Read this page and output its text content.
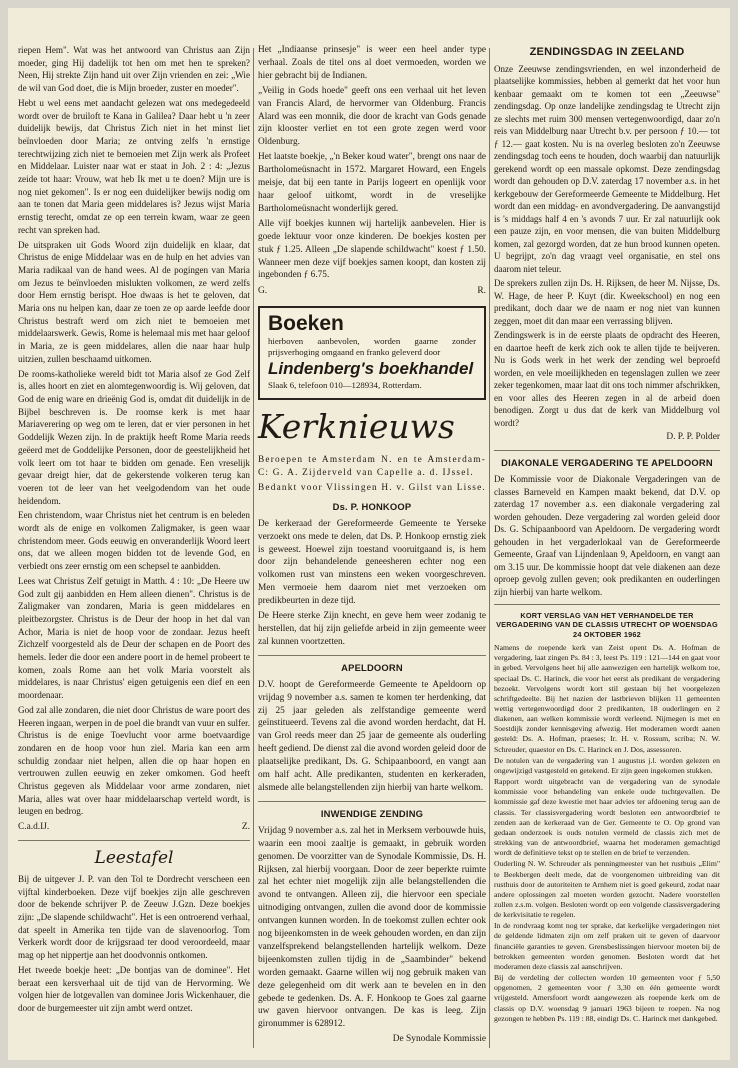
riepen Hem". Wat was het antwoord van Christus aan Zijn moeder, ging Hij dadelijk tot hen om met hen te spreken? Neen, Hij strekte Zijn hand uit over Zijn vrienden en zei: „Wie de wil van God doet, die is Mijn broeder, zuster en moeder".

Hebt u wel eens met aandacht gelezen wat ons medegedeeld wordt over de bruiloft te Kana in Galilea? Daar hebt u 'n zeer duidelijk bewijs, dat Christus Zich niet in het minst liet beïnvloeden door Maria; ze ontving zelfs 'n ernstige terechtwijzing zich niet te bemoeien met Zijn werk als Profeet en Middelaar. Luister naar wat er staat in Joh. 2 : 4: „Jezus zeide tot haar: Vrouw, wat heb Ik met u te doen? Mijn ure is nog niet gekomen". Is er nog een duidelijker bewijs nodig om aan te tonen dat Maria geen middelares is? Jezus wijst Maria ernstig terecht, omdat ze op een terrein kwam, waar ze geen recht van spreken had.

De uitspraken uit Gods Woord zijn duidelijk en klaar, dat Christus de enige Middelaar was en de hulp en het advies van Maria radikaal van de hand wees. Al de pogingen van Maria om Jezus te beïnvloeden mislukten volkomen, ze werd zelfs door Hem ernstig berispt. Hoe dwaas is het te geloven, dat Maria ons nu helpen kan, daar ze toen ze op aarde leefde door Christus bestraft werd om zich niet te bemoeien met middelaarswerk. Gewis, Rome is helemaal mis met haar geloof in Maria, ze is geen middelares, allen die naar haar hulp uitzien, zullen beschaamd uitkomen.

De rooms-katholieke wereld bidt tot Maria alsof ze God Zelf is, alles hoort en ziet en alomtegenwoordig is. Wij geloven, dat God de enig ware en drieënig God is, omdat dit duidelijk in de Bijbel beschreven is. De roomse kerk is met haar Mariaverering op weg om te leren, dat er vier personen in het Goddelijk Wezen zijn. In de praktijk heeft Rome Maria reeds geëerd met de Goddelijke Personen, door de geestelijkheid het volk leert om tot haar te bidden om genade. Een vreselijk gevaar dreigt hier, dat de gekerstende volkeren terug kan voeren tot de leer van het veelgodendom van het oude heidendom.

Een christendom, waar Christus niet het centrum is en beleden wordt als de enige en volkomen Zaligmaker, is geen waar christendom meer. Gods eeuwig en onveranderlijk Woord leert ons, dat we alleen mogen bidden tot de levende God, en verbiedt ons zeer ernstig om een schepsel te aanbidden.

Lees wat Christus Zelf getuigt in Matth. 4 : 10: „De Heere uw God zult gij aanbidden en Hem alleen dienen". Christus is de Zaligmaker van zondaren, Maria is geen middelares en pleitbezorgster. Christus is de Deur der hoop in het dal van Achor, Maria is niet de hoop voor de zondaar. Jezus heeft Zichzelf voorgesteld als de Deur der schapen en de Poort des hemels. Ieder die door een andere poort in de hemel probeert te komen, zoals Rome aan het volk Maria voorstelt als middelares, is naar Christus' eigen getuigenis een dief en een moordenaar.

God zal alle zondaren, die niet door Christus de ware poort des Heeren ingaan, werpen in de poel die brandt van vuur en sulfer. Christus is de enige Toevlucht voor arme boetvaardige zondaren en de hoop voor hun ziel. Maria kan een arm schuldig zondaar niet helpen, allen die op haar hopen en vertrouwen zullen eeuwig en zeker omkomen. God heeft Christus gegeven als Middelaar voor arme zondaren, niet Maria, alles wat over haar middelaarschap verteld wordt, is leugen en bedrog.

C.a.d.IJ.	Z.
Leestafel

Bij de uitgever J. P. van den Tol te Dordrecht verscheen een vijftal kinderboeken. Deze vijf boekjes zijn alle geschreven door de bekende schrijver P. de Zeeuw J.Gzn. Deze boekjes zijn: „De slapende schildwacht". Het is een ontroerend verhaal, dat speelt in Amerika ten tijde van de slavenoorlog. Tom Verkerk wordt door de krijgsraad ter dood veroordeeld, maar mag op het nippertje aan het doodvonnis ontkomen.

Het tweede boekje heet: „De bontjas van de dominee". Het beraat een kersverhaal uit de tijd van de Hervorming. We volgen hier de lotgevallen van dominee Joris Wickenhauer, die door de burgemeester uit zijn ambt werd ontzet.

Het „Indiaanse prinsesje" is weer een heel ander type verhaal. Zoals de titel ons al doet vermoeden, worden we hier gebracht bij de Indianen.

„Veilig in Gods hoede" geeft ons een verhaal uit het leven van Francis Alard, de hervormer van Oldenburg. Francis Alard was een monnik, die door de kracht van Gods genade zijn klooster verliet en tot een grote zegen werd voor Oldenburg.

Het laatste boekje, „'n Beker koud water", brengt ons naar de Bartholomeüsnacht in 1572. Margaret Howard, een Engels meisje, dat bij een tante in Parijs logeert en openlijk voor haar geloof uitkomt, wordt in de vreselijke Bartholomeüsnacht wonderlijk gered.

Alle vijf boekjes kunnen wij hartelijk aanbevelen. Hier is goede lektuur voor onze kinderen. De boekjes kosten per stuk ƒ 1.25. Alleen „De slapende schildwacht" koest ƒ 1.50. Wanneer men deze vijf boekjes samen koopt, dan kosten zij ingebonden ƒ 6.75.

G.	R.
Boeken
hierboven aanbevolen, worden gaarne zonder prijsverhoging omgaand en franko geleverd door
Lindenberg's boekhandel
Slaak 6, telefoon 010—128934, Rotterdam.
Kerknieuws

Beroepen te Amsterdam N. en te Amsterdam-C: G. A. Zijderveld van Capelle a. d. IJssel.

Bedankt voor Vlissingen H. v. Gilst van Lisse.

Ds. P. HONKOOP

De kerkeraad der Gereformeerde Gemeente te Yerseke verzoekt ons mede te delen, dat Ds. P. Honkoop ernstig ziek is geweest. Hoewel zijn toestand vooruitgaand is, is hem door zijn behandelende geneesheren echter nog een volkomen rust van minstens een weken voorgeschreven. Men vermoeie hem daarom niet met verzoeken om predikbeurten in deze tijd.

De Heere sterke Zijn knecht, en geve hem weer zodanig te herstellen, dat hij zijn geliefde arbeid in zijn gemeente weer zal kunnen voortzetten.

APELDOORN

D.V. hoopt de Gereformeerde Gemeente te Apeldoorn op vrijdag 9 november a.s. samen te komen ter herdenking, dat zij 25 jaar geleden als zelfstandige gemeente werd geïnstitueerd. Tevens zal die avond worden herdacht, dat H. van Grol reeds meer dan 25 jaar de gemeente als ouderling heeft gediend. De dienst zal die avond worden geleid door de plaatselijke predikant, Ds. G. Schipaanboord, en vangt aan om half acht. Alle predikanten, studenten en kerkeraden, alsmede alle belangstellenden zijn hierbij van harte welkom.

INWENDIGE ZENDING

Vrijdag 9 november a.s. zal het in Merksem verbouwde huis, waarin een mooi zaaltje is gemaakt, in gebruik worden genomen. De voorzitter van de Synodale Kommissie, Ds. H. Rijksen, zal hierbij voorgaan. Door de zeer beperkte ruimte zal het echter niet mogelijk zijn alle belangstellenden die avond te ontvangen. Alleen zij, die hiervoor een speciale uitnodiging ontvangen, zullen die avond door de kommissie ontvangen kunnen worden. In de toekomst zullen echter ook nog bijeenkomsten in de week gehouden worden, en dan zijn vanzelfsprekend belangstellenden hartelijk welkom. Deze bijeenkomsten zullen tijdig in de „Saambinder" bekend worden gemaakt. Gaarne willen wij nog gebruik maken van deze gelegenheid om dit werk aan te bevelen en in den gebede te gedenken. Ds. A. F. Honkoop te Goes zal gaarne uw gaven hiervoor ontvangen. De kas is leeg. Zijn gironummer is 628912.

De Synodale Kommissie
ZENDINGSDAG IN ZEELAND

Onze Zeeuwse zendingsvrienden, en wel inzonderheid de plaatselijke kommissies, hebben al gemerkt dat het voor hun kenbaar gemaakt om te komen tot een „Zeeuwse" zendingsdag. Op onze landelijke zendingsdag te Utrecht zijn ze slechts met ruim 300 mensen vertegenwoordigd, daar zo'n reis van Middelburg naar Utrecht b.v. per persoon ƒ 10.— tot ƒ 12.— gaat kosten. Nu is na overleg besloten zo'n Zeeuwse zendingsdag toch eens te houden, doch waarbij dan natuurlijk gerekend wordt op een massale opkomst. Deze zendingsdag wordt dan gehouden op D.V. zaterdag 17 november a.s. in het kerkgebouw der Gereformeerde Gemeente te Middelburg. Het wordt dan een middag- en avondvergadering. De aanvangstijd is 's middags half 4 en 's avonds 7 uur. Er zal natuurlijk ook een pauze zijn, en voor mensen, die van buiten Middelburg komen, zal gezorgd worden, dat ze hun brood kunnen opeten. U begrijpt, zo'n dag vraagt veel organisatie, en stel ons daarom niet teleur.

De sprekers zullen zijn Ds. H. Rijksen, de heer M. Nijsse, Ds. W. Hage, de heer P. Kuyt (dir. Kweekschool) en nog een predikant, doch daar we de naam er nog niet van kunnen zeggen, moet dit dan maar een verrassing blijven.

Zendingswerk is in de eerste plaats de opdracht des Heeren, en daartoe heeft de kerk zich ook te allen tijde te beijveren. Nu is Gods werk in het werk der zending wel beproefd worden, en vele moeilijkheden en tegenslagen zullen we zeer zeker tegenkomen, maar laat dit ons toch nimmer afschrikken, en voor alles des Heeren zegen in al de arbeid doen benodigen. Zorgt u dus dat de kerk van Middelburg vol wordt?

D. P. P. Polder
DIAKONALE VERGADERING TE APELDOORN

De Kommissie voor de Diakonale Vergaderingen van de classes Barneveld en Kampen maakt bekend, dat D.V. op zaterdag 17 november a.s. een diakonale vergadering zal worden gehouden. Deze vergadering zal worden geleid door Ds. G. Schipaanboord van Apeldoorn. De vergadering wordt gehouden in het vergaderlokaal van de Gereformeerde Gemeente, Graaf van Lijndenlaan 9, Apeldoorn, en vangt aan om 3.15 uur. De kommissie hoopt dat vele diakenen aan deze oproep gevolg zullen geven; ook predikanten en ouderlingen zijn hierbij van harte welkom.

KORT VERSLAG VAN HET VERHANDELDE TER VERGADERING VAN DE CLASSIS UTRECHT OP WOENSDAG 24 OKTOBER 1962

Namens de roepende kerk van Zeist opent Ds. A. Hofman de vergadering, laat zingen Ps. 84 : 3, leest Ps. 119 : 121—144 en gaat voor in gebed. Vervolgens heet hij alle aanwezigen een hartelijk welkom toe, speciaal Ds. C. Harinck, die voor het eerst als predikant de vergadering bezoekt. Vervolgens wordt kort stil gestaan bij het voorgelezen schriftgedeelte. Bij het nazien der lastbrieven blijken 11 gemeenten wettig vertegenwoordigd door 2 predikanten, 18 ouderlingen en 2 diakenen, aan welken kommissie wordt verleend. Nijmegen is met en Soestdijk zonder kennisgeving afwezig. Het moderamen wordt aanen gesteld: Ds. A. Hofman, praeses; Ir. H. v. Rossum, scriba; N. W. Schreuder, quaestor en Ds. C. Harinck en J. Dos, assessoren.

De notulen van de vergadering van 1 augustus j.l. worden gelezen en ongewijzigd vastgesteld en getekend. Er zijn geen ingekomen stukken.

Rapport wordt uitgebracht van de vergadering van de synodale kommissie voor behandeling van enkele oude tuchtgevallen. De kommissie gaf deze kwestie met haar advies ter afdoening terug aan de classis. Ter classisvergadering wordt besloten een antwoordbrief te zenden aan de kerkeraad van de Ger. Gemeente te O. Op grond van gedaan onderzoek is ouds notulen vermeld de classis zich met de strekking van de antwoordbrief, waarna het moderamen gemachtigd wordt de definitieve tekst op te stellen en de brief te verzenden.

Ouderling N. W. Schreuder als penningmeester van het rusthuis „Elim" te Beekbergen deelt mede, dat de voorgenomen uitbreiding van dit rusthuis door de autoriteiten te Arnhem niet is goed gekeurd, zodat naar andere oplossingen zal moeten worden gezocht. Nadere voorstellen zullen z.s.m. volgen. Besloten wordt op een volgende classisvergadering de kerkvisitatie te regelen.

In de rondvraag komt nog ter sprake, dat kerkelijke vergaderingen niet de geldende lidmaten zijn om zelf praken uit te geven of daarvoor financiële garanties te geven. Grensbeslissingen hiervoor moeten bij de betrokken gemeenten worden genomen. Besloten wordt dat het moderamen deze classis zal aanschrijven.

Bij de verdeling der collecten worden 10 gemeenten voor ƒ 5,50 opgenomen, 2 gemeenten voor ƒ 3,30 en één gemeente wordt vrijgesteld. Amersfoort wordt aangewezen als roepende kerk om de classis op D.V. woensdag 9 januari 1963 bijeen te roepen. Na nog gezongen te hebben Ps. 119 : 88, eindigt Ds. C. Harinck met dankgebed.
